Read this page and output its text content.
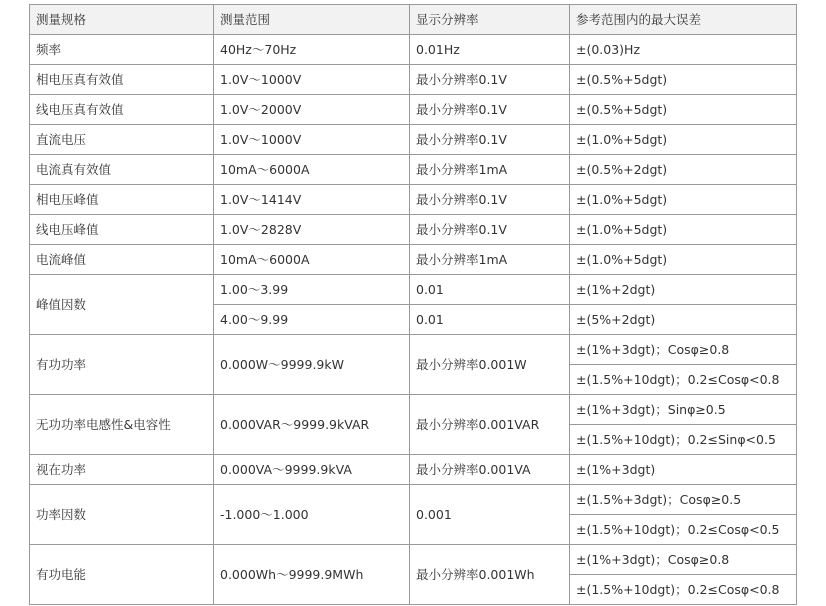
测量规格	测量范围	显示分辨率	参考范围内的最大误差
频率	40Hz～70Hz	0.01Hz	±(0.03)Hz
相电压真有效值	1.0V～1000V	最小分辨率0.1V	±(0.5%+5dgt)
线电压真有效值	1.0V～2000V	最小分辨率0.1V	±(0.5%+5dgt)
直流电压	1.0V～1000V	最小分辨率0.1V	±(1.0%+5dgt)
电流真有效值	10mA～6000A	最小分辨率1mA	±(0.5%+2dgt)
相电压峰值	1.0V～1414V	最小分辨率0.1V	±(1.0%+5dgt)
线电压峰值	1.0V～2828V	最小分辨率0.1V	±(1.0%+5dgt)
电流峰值	10mA～6000A	最小分辨率1mA	±(1.0%+5dgt)
峰值因数	1.00～3.99	0.01	±(1%+2dgt)
	4.00～9.99	0.01	±(5%+2dgt)
有功功率	0.000W～9999.9kW	最小分辨率0.001W	±(1%+3dgt)；Cosφ≥0.8
			±(1.5%+10dgt)；0.2≤Cosφ<0.8
无功功率电感性&电容性	0.000VAR～9999.9kVAR	最小分辨率0.001VAR	±(1%+3dgt)；Sinφ≥0.5
			±(1.5%+10dgt)；0.2≤Sinφ<0.5
视在功率	0.000VA～9999.9kVA	最小分辨率0.001VA	±(1%+3dgt)
功率因数	-1.000～1.000	0.001	±(1.5%+3dgt)；Cosφ≥0.5
			±(1.5%+10dgt)；0.2≤Cosφ<0.5
有功电能	0.000Wh～9999.9MWh	最小分辨率0.001Wh	±(1%+3dgt)；Cosφ≥0.8
			±(1.5%+10dgt)；0.2≤Cosφ<0.8
